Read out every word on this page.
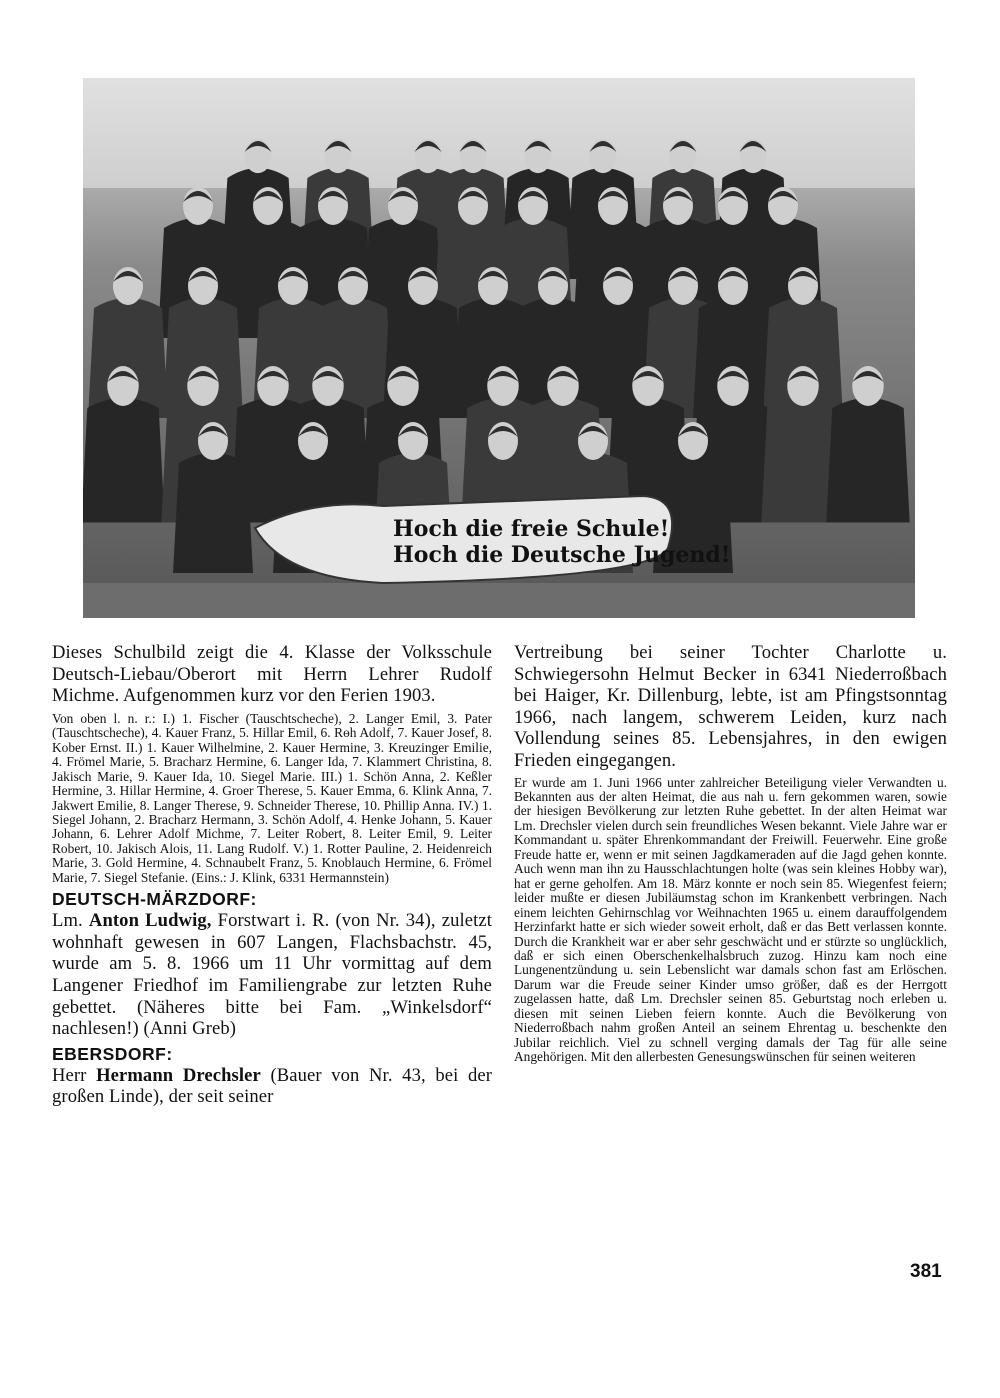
Hoch die freie Schule!
Hoch die Deutsche Jugend!

Dieses Schulbild zeigt die 4. Klasse der Volksschule Deutsch-Liebau/Oberort mit Herrn Lehrer Rudolf Michme. Aufgenommen kurz vor den Ferien 1903.

Von oben l. n. r.: I.) 1. Fischer (Tauschtscheche), 2. Langer Emil, 3. Pater (Tauschtscheche), 4. Kauer Franz, 5. Hillar Emil, 6. Rѳh Adolf, 7. Kauer Josef, 8. Kober Ernst. II.) 1. Kauer Wilhelmine, 2. Kauer Hermine, 3. Kreuzinger Emilie, 4. Frömel Marie, 5. Bracharz Hermine, 6. Langer Ida, 7. Klammert Christina, 8. Jakisch Marie, 9. Kauer Ida, 10. Siegel Marie. III.) 1. Schön Anna, 2. Keßler Hermine, 3. Hillar Hermine, 4. Groer Therese, 5. Kauer Emma, 6. Klink Anna, 7. Jakwert Emilie, 8. Langer Therese, 9. Schneider Therese, 10. Phillip Anna. IV.) 1. Siegel Johann, 2. Bracharz Hermann, 3. Schön Adolf, 4. Henke Johann, 5. Kauer Johann, 6. Lehrer Adolf Michme, 7. Leiter Robert, 8. Leiter Emil, 9. Leiter Robert, 10. Jakisch Alois, 11. Lang Rudolf. V.) 1. Rotter Pauline, 2. Heidenreich Marie, 3. Gold Hermine, 4. Schnaubelt Franz, 5. Knoblauch Hermine, 6. Frömel Marie, 7. Siegel Stefanie. (Eins.: J. Klink, 6331 Hermannstein)

DEUTSCH-MÄRZDORF:

Lm. Anton Ludwig, Forstwart i. R. (von Nr. 34), zuletzt wohnhaft gewesen in 607 Langen, Flachsbachstr. 45, wurde am 5. 8. 1966 um 11 Uhr vormittag auf dem Langener Friedhof im Familiengrabe zur letzten Ruhe gebettet. (Näheres bitte bei Fam. „Winkelsdorf“ nachlesen!) (Anni Greb)

EBERSDORF:

Herr Hermann Drechsler (Bauer von Nr. 43, bei der großen Linde), der seit seiner

Vertreibung bei seiner Tochter Charlotte u. Schwiegersohn Helmut Becker in 6341 Niederroßbach bei Haiger, Kr. Dillenburg, lebte, ist am Pfingstsonntag 1966, nach langem, schwerem Leiden, kurz nach Vollendung seines 85. Lebensjahres, in den ewigen Frieden eingegangen.

Er wurde am 1. Juni 1966 unter zahlreicher Beteiligung vieler Verwandten u. Bekannten aus der alten Heimat, die aus nah u. fern gekommen waren, sowie der hiesigen Bevölkerung zur letzten Ruhe gebettet. In der alten Heimat war Lm. Drechsler vielen durch sein freundliches Wesen bekannt. Viele Jahre war er Kommandant u. später Ehrenkommandant der Freiwill. Feuerwehr. Eine große Freude hatte er, wenn er mit seinen Jagdkameraden auf die Jagd gehen konnte. Auch wenn man ihn zu Hausschlachtungen holte (was sein kleines Hobby war), hat er gerne geholfen. Am 18. März konnte er noch sein 85. Wiegenfest feiern; leider mußte er diesen Jubiläumstag schon im Krankenbett verbringen. Nach einem leichten Gehirnschlag vor Weihnachten 1965 u. einem darauffolgendem Herzinfarkt hatte er sich wieder soweit erholt, daß er das Bett verlassen konnte. Durch die Krankheit war er aber sehr geschwächt und er stürzte so unglücklich, daß er sich einen Oberschenkelhalsbruch zuzog. Hinzu kam noch eine Lungenentzündung u. sein Lebenslicht war damals schon fast am Erlöschen. Darum war die Freude seiner Kinder umso größer, daß es der Herrgott zugelassen hatte, daß Lm. Drechsler seinen 85. Geburtstag noch erleben u. diesen mit seinen Lieben feiern konnte. Auch die Bevölkerung von Niederroßbach nahm großen Anteil an seinem Ehrentag u. beschenkte den Jubilar reichlich. Viel zu schnell verging damals der Tag für alle seine Angehörigen. Mit den allerbesten Genesungswünschen für seinen weiteren

381
